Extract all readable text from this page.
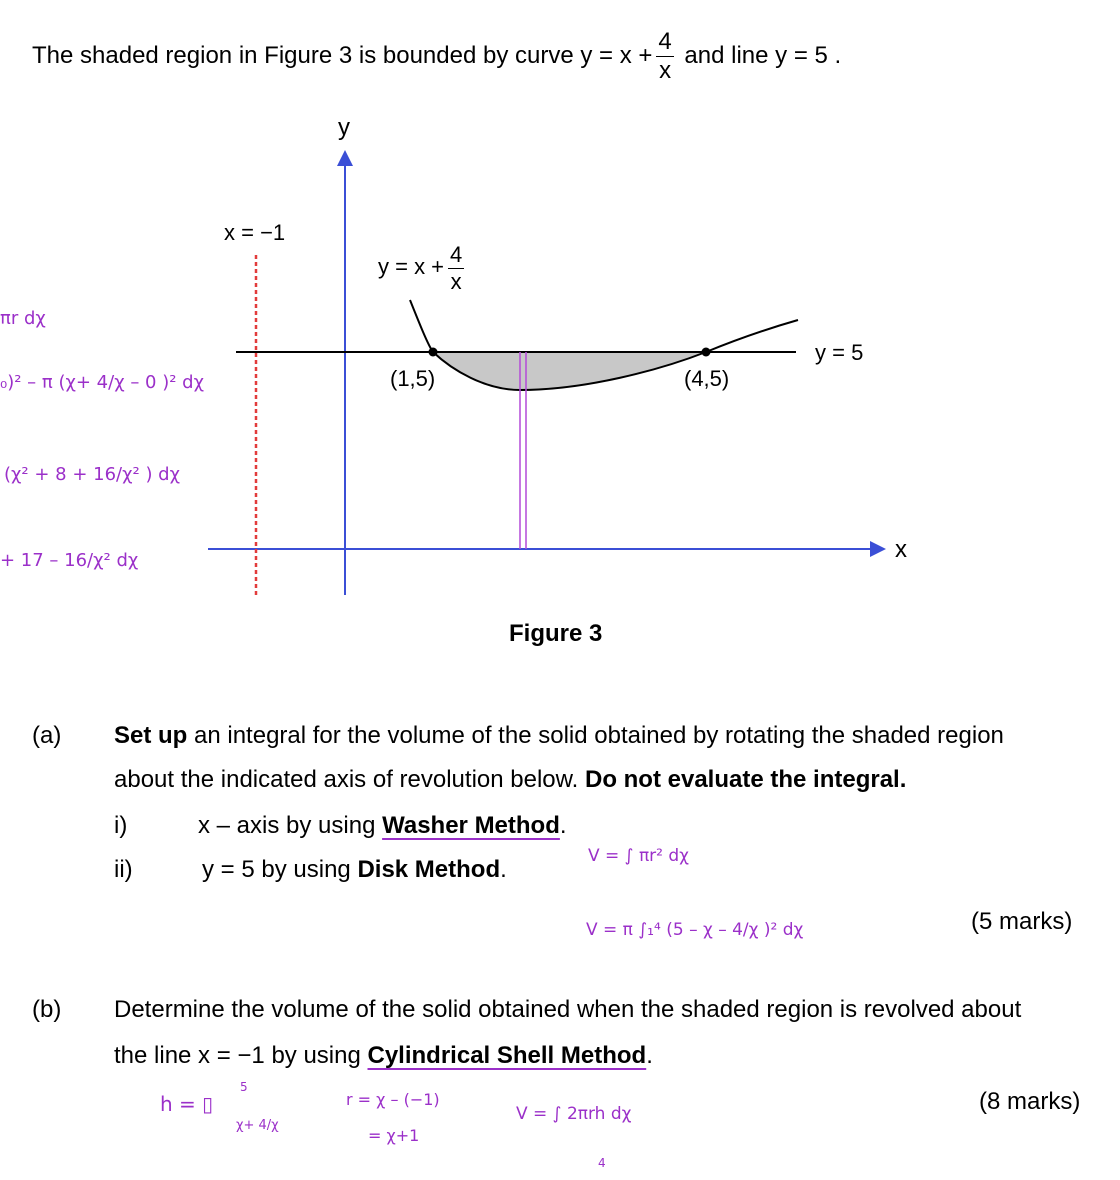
The shaded region in Figure 3 is bounded by curve $y = x + \frac{4}{x}$ and line y = 5 .
y
x
x = −1
$y = x + \frac{4}{x}$
y = 5
(1,5)	(4,5)
Figure 3
πr dχ
₀)² – π (χ+ 4/χ – 0 )² dχ
(χ² + 8 + 16/χ² ) dχ
+ 17 – 16/χ² dχ
(a) Set up an integral for the volume of the solid obtained by rotating the shaded region
about the indicated axis of revolution below. Do not evaluate the integral.
i)	x – axis by using Washer Method.
ii)	y = 5 by using Disk Method.	V = ∫ πr² dχ
V = π ∫₁⁴ (5 – χ – 4/χ )² dχ	(5 marks)
(b) Determine the volume of the solid obtained when the shaded region is revolved about
the line x = −1 by using Cylindrical Shell Method.
(8 marks)
h = ▯
5
χ+ 4/χ
r = χ – (−1)
= χ+1
V = ∫ 2πrh dχ
4
